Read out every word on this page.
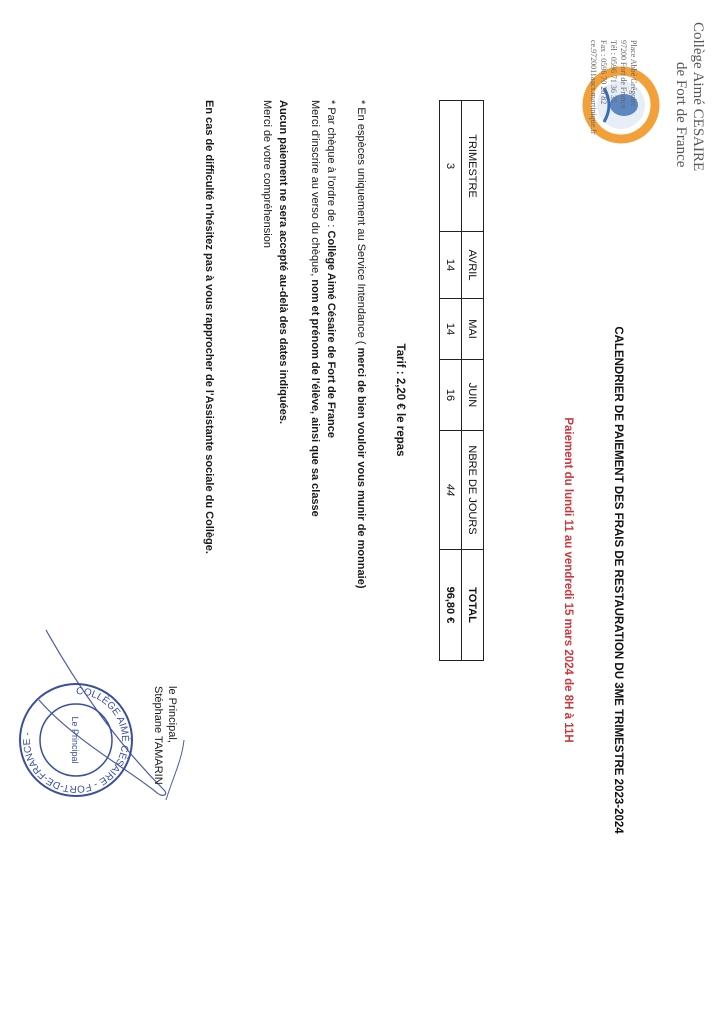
Collège Aimé CESAIRE
de Fort de France
Place Abbé Grégoire
97200 Fort de France
Tél : 0596 71 36 35
Fax : 0596 70 28 82
ce.9720011aacs.martinique.fr
CALENDRIER DE PAIEMENT DES FRAIS DE RESTAURATION DU 3ME TRIMESTRE 2023-2024
Paiement du lundi 11 au vendredi 15 mars 2024 de 8H à 11H
TRIMESTRE	AVRIL	MAI	JUIN	NBRE DE JOURS	TOTAL
3	14	14	16	44	96,80 €
Tarif : 2,20 € le repas
* En espèces uniquement au Service Intendance ( merci de bien vouloir vous munir de monnaie)
* Par chèque à l'ordre de : Collège Aimé Césaire de Fort de France
Merci d'inscrire au verso du chèque, nom et prénom de l'élève, ainsi que sa classe
Aucun paiement ne sera accepté au-delà des dates indiquées.
Merci de votre compréhension
En cas de difficulté n'hésitez pas à vous rapprocher de l'Assistante sociale du Collège.
le Principal,
Stéphane TAMARIN
COLLÈGE AIMÉ CÉSAIRE - FORT-DE-FRANCE -	Le Principal
